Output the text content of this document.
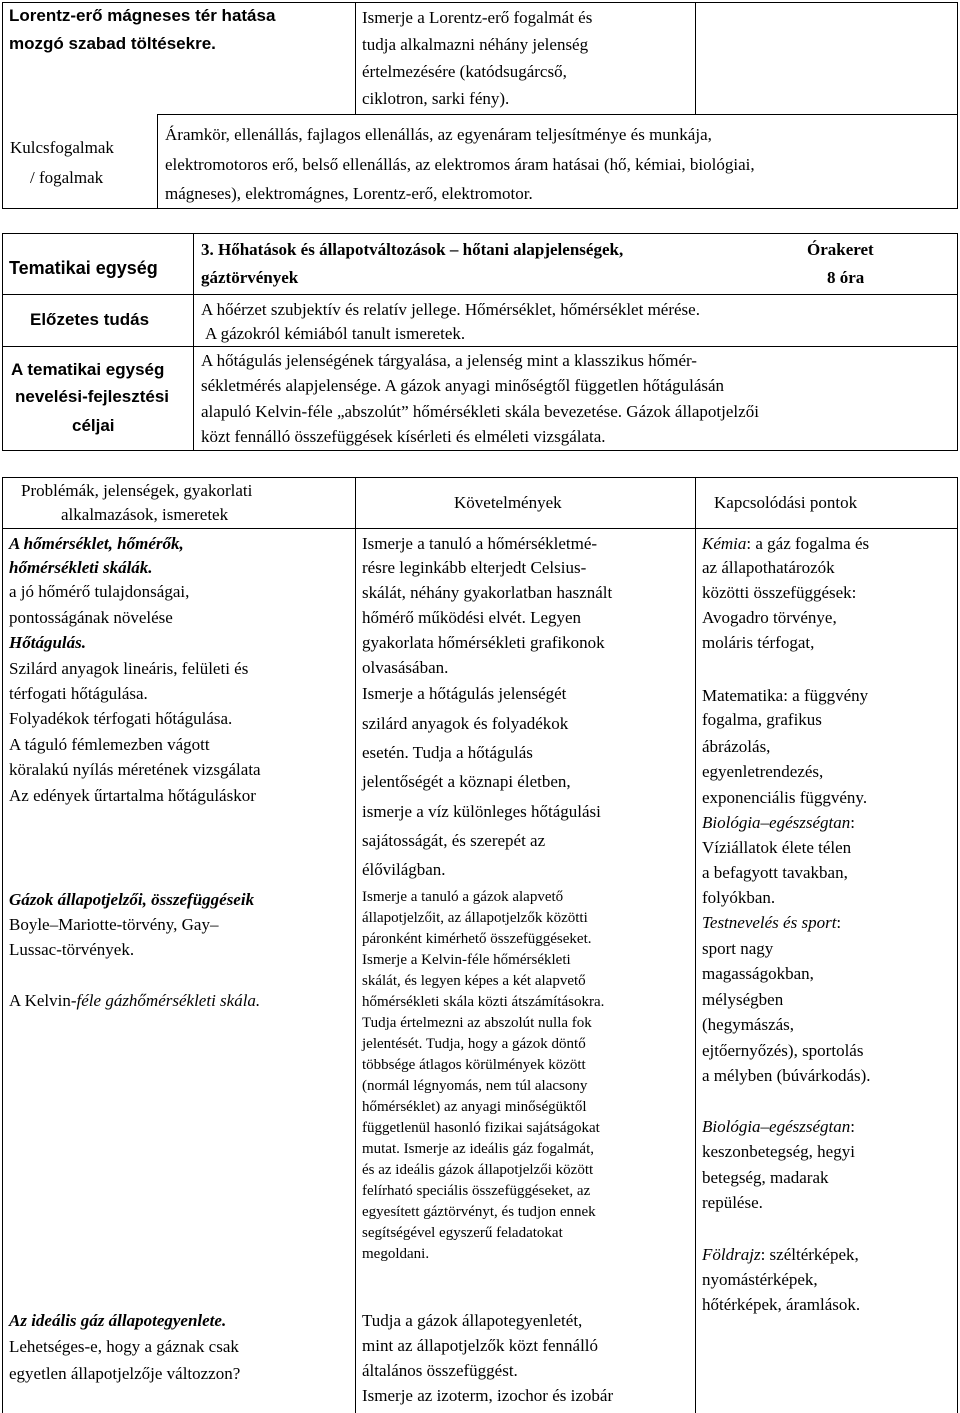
Lorentz-erő mágneses tér hatása
mozgó szabad töltésekre.
Ismerje a Lorentz-erő fogalmát és
tudja alkalmazni néhány jelenség
értelmezésére (katódsugárcső,
ciklotron, sarki fény).
Kulcsfogalmak
/ fogalmak
Áramkör, ellenállás, fajlagos ellenállás, az egyenáram teljesítménye és munkája,
elektromotoros erő, belső ellenállás, az elektromos áram hatásai (hő, kémiai, biológiai,
mágneses), elektromágnes, Lorentz-erő, elektromotor.
Tematikai egység
Előzetes tudás
A tematikai egység
nevelési-fejlesztési
céljai
3. Hőhatások és állapotváltozások – hőtani alapjelenségek,
gáztörvények
Órakeret
8 óra
A hőérzet szubjektív és relatív jellege. Hőmérséklet, hőmérséklet mérése.
A gázokról kémiából tanult ismeretek.
A hőtágulás jelenségének tárgyalása, a jelenség mint a klasszikus hőmér-
sékletmérés alapjelensége. A gázok anyagi minőségtől független hőtágulásán
alapuló Kelvin-féle „abszolút” hőmérsékleti skála bevezetése. Gázok állapotjelzői
közt fennálló összefüggések kísérleti és elméleti vizsgálata.
Problémák, jelenségek, gyakorlati
alkalmazások, ismeretek
Követelmények	Kapcsolódási pontok
A hőmérséklet, hőmérők,
hőmérsékleti skálák.
a jó hőmérő tulajdonságai,
pontosságának növelése
Hőtágulás.
Szilárd anyagok lineáris, felületi és
térfogati hőtágulása.
Folyadékok térfogati hőtágulása.
A táguló fémlemezben vágott
köralakú nyílás méretének vizsgálata
Az edények űrtartalma hőtáguláskor
Gázok állapotjelzői, összefüggéseik
Boyle–Mariotte-törvény, Gay–
Lussac-törvények.
A Kelvin-féle gázhőmérsékleti skála.
Az ideális gáz állapotegyenlete.
Lehetséges-e, hogy a gáznak csak
egyetlen állapotjelzője változzon?
Ismerje a tanuló a hőmérsékletmé-
résre leginkább elterjedt Celsius-
skálát, néhány gyakorlatban használt
hőmérő működési elvét. Legyen
gyakorlata hőmérsékleti grafikonok
olvasásában.
Ismerje a hőtágulás jelenségét
szilárd anyagok és folyadékok
esetén. Tudja a hőtágulás
jelentőségét a köznapi életben,
ismerje a víz különleges hőtágulási
sajátosságát, és szerepét az
élővilágban.
Ismerje a tanuló a gázok alapvető
állapotjelzőit, az állapotjelzők közötti
páronként kimérhető összefüggéseket.
Ismerje a Kelvin-féle hőmérsékleti
skálát, és legyen képes a két alapvető
hőmérsékleti skála közti átszámításokra.
Tudja értelmezni az abszolút nulla fok
jelentését. Tudja, hogy a gázok döntő
többsége átlagos körülmények között
(normál légnyomás, nem túl alacsony
hőmérséklet) az anyagi minőségüktől
függetlenül hasonló fizikai sajátságokat
mutat. Ismerje az ideális gáz fogalmát,
és az ideális gázok állapotjelzői között
felírható speciális összefüggéseket, az
egyesített gáztörvényt, és tudjon ennek
segítségével egyszerű feladatokat
megoldani.
Tudja a gázok állapotegyenletét,
mint az állapotjelzők közt fennálló
általános összefüggést.
Ismerje az izoterm, izochor és izobár
Kémia: a gáz fogalma és
az állapothatározók
közötti összefüggések:
Avogadro törvénye,
moláris térfogat,
Matematika: a függvény
fogalma, grafikus
ábrázolás,
egyenletrendezés,
exponenciális függvény.
Biológia–egészségtan:
Víziállatok élete télen
a befagyott tavakban,
folyókban.
Testnevelés és sport:
sport nagy
magasságokban,
mélységben
(hegymászás,
ejtőernyőzés), sportolás
a mélyben (búvárkodás).
Biológia–egészségtan:
keszonbetegség, hegyi
betegség, madarak
repülése.
Földrajz: széltérképek,
nyomástérképek,
hőtérképek, áramlások.
